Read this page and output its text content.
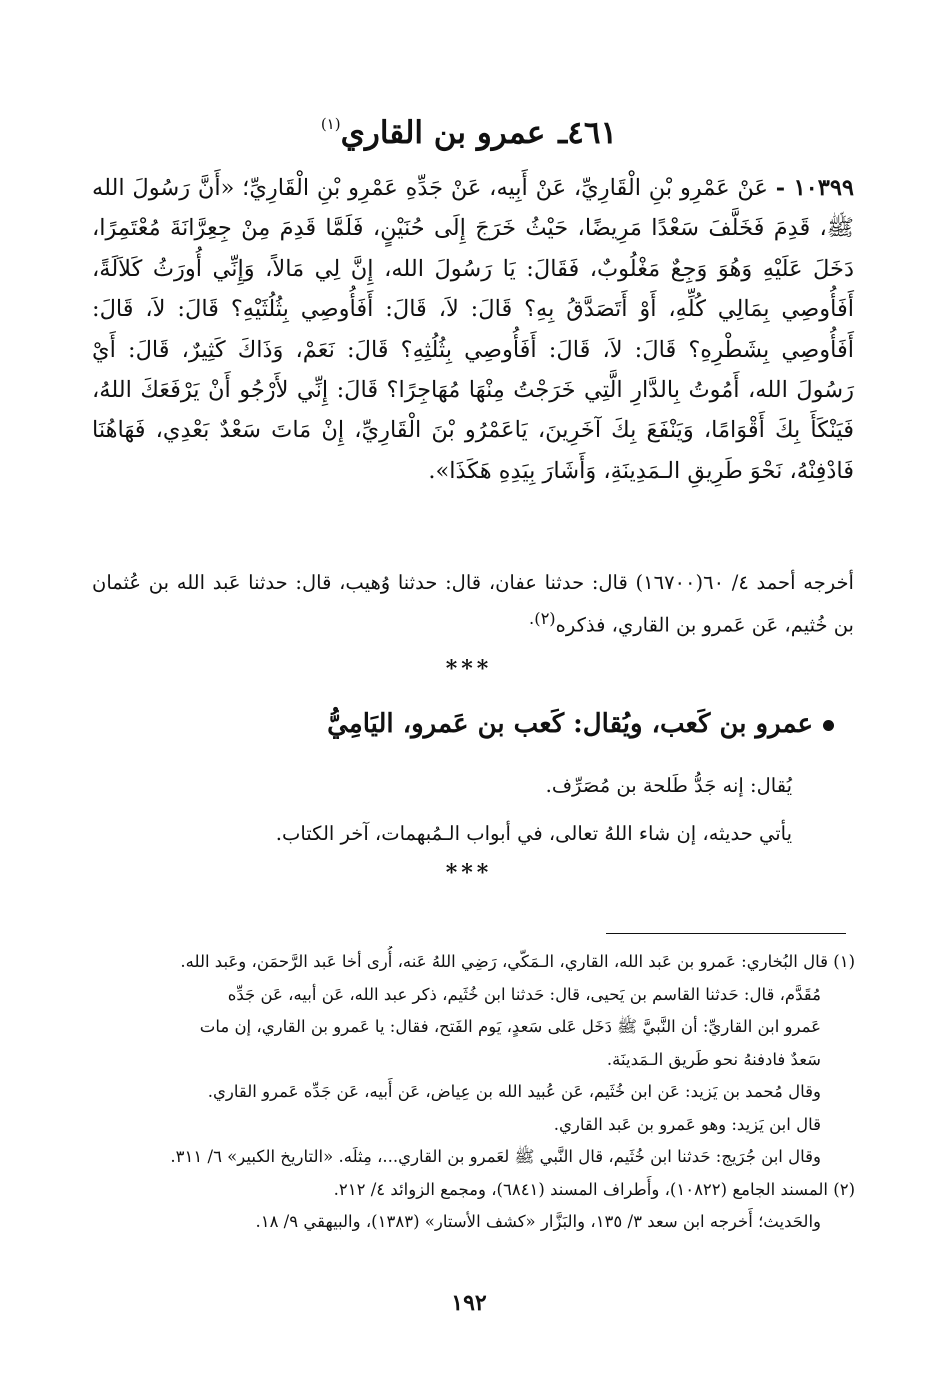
٤٦١ـ عمرو بن القاري$^{(١)}$
١٠٣٩٩ - عَنْ عَمْرِو بْنِ الْقَارِيِّ، عَنْ أَبِيه، عَنْ جَدِّهِ عَمْرِو بْنِ الْقَارِيِّ؛ «أَنَّ رَسُولَ الله ﷺ، قَدِمَ فَخَلَّفَ سَعْدًا مَرِيضًا، حَيْثُ خَرَجَ إِلَى حُنَيْنٍ، فَلَمَّا قَدِمَ مِنْ جِعِرَّانَةَ مُعْتَمِرًا، دَخَلَ عَلَيْهِ وَهُوَ وَجِعٌ مَغْلُوبٌ، فَقَالَ: يَا رَسُولَ الله، إِنَّ لِي مَالاً، وَإِنِّي أُورَثُ كَلاَلَةً، أَفَأُوصِي بِمَالِي كُلِّهِ، أَوْ أَتَصَدَّقُ بِهِ؟ قَالَ: لاَ، قَالَ: أَفَأُوصِي بِثُلُثَيْهِ؟ قَالَ: لاَ، قَالَ: أَفَأُوصِي بِشَطْرِهِ؟ قَالَ: لاَ، قَالَ: أَفَأُوصِي بِثُلُثِهِ؟ قَالَ: نَعَمْ، وَذَاكَ كَثِيرٌ، قَالَ: أَيْ رَسُولَ الله، أَمُوتُ بِالدَّارِ الَّتِي خَرَجْتُ مِنْهَا مُهَاجِرًا؟ قَالَ: إِنِّي لأَرْجُو أَنْ يَرْفَعَكَ اللهُ، فَيَنْكَأَ بِكَ أَقْوَامًا، وَيَنْفَعَ بِكَ آخَرِينَ، يَاعَمْرُو بْنَ الْقَارِيِّ، إِنْ مَاتَ سَعْدٌ بَعْدِي، فَهَاهُنَا فَادْفِنْهُ، نَحْوَ طَرِيقِ الـمَدِينَةِ، وَأَشَارَ بِيَدِهِ هَكَذَا».
أخرجه أحمد ٤/ ٦٠(١٦٧٠٠) قال: حدثنا عفان، قال: حدثنا وُهيب، قال: حدثنا عَبد الله بن عُثمان بن خُثيم، عَن عَمرو بن القاري، فذكره$^{(٢).}$
***
عمرو بن كَعب، ويُقال: كَعب بن عَمرو، اليَامِيُّ
يُقال: إنه جَدُّ طَلحة بن مُصَرِّف.
يأتي حديثه، إن شاء اللهُ تعالى، في أبواب الـمُبهمات، آخر الكتاب.
***
(١) قال البُخاري: عَمرو بن عَبد الله، القاري، الـمَكّي، رَضِي اللهُ عَنه، أُرى أخا عَبد الرَّحمَن، وعَبد الله.
مُقَدَّم، قال: حَدثنا القاسم بن يَحيى، قال: حَدثنا ابن خُثَيم، ذكر عبد الله، عَن أبيه، عَن جَدِّه
عَمرو ابن القاريِّ: أن النَّبيَّ ﷺ دَخَل عَلى سَعدٍ، يَوم الفَتح، فقال: يا عَمرو بن القاري، إن مات
سَعدٌ فادفنهُ نحو طَريق الـمَدينَة.
وقال مُحمد بن يَزيد: عَن ابن خُثَيم، عَن عُبيد الله بن عِياض، عَن أَبيه، عَن جَدِّه عَمرو القاري.
قال ابن يَزيد: وهو عَمرو بن عَبد القاري.
وقال ابن جُرَيج: حَدثنا ابن خُثَيم، قال النَّبي ﷺ لعَمرو بن القاري...، مِثلَه. «التاريخ الكبير» ٦/ ٣١١.
(٢) المسند الجامع (١٠٨٢٢)، وأَطراف المسند (٦٨٤١)، ومجمع الزوائد ٤/ ٢١٢.
والحَديث؛ أَخرجه ابن سعد ٣/ ١٣٥، والبَزَّار «كشف الأستار» (١٣٨٣)، والبيهقي ٩/ ١٨.
١٩٢
